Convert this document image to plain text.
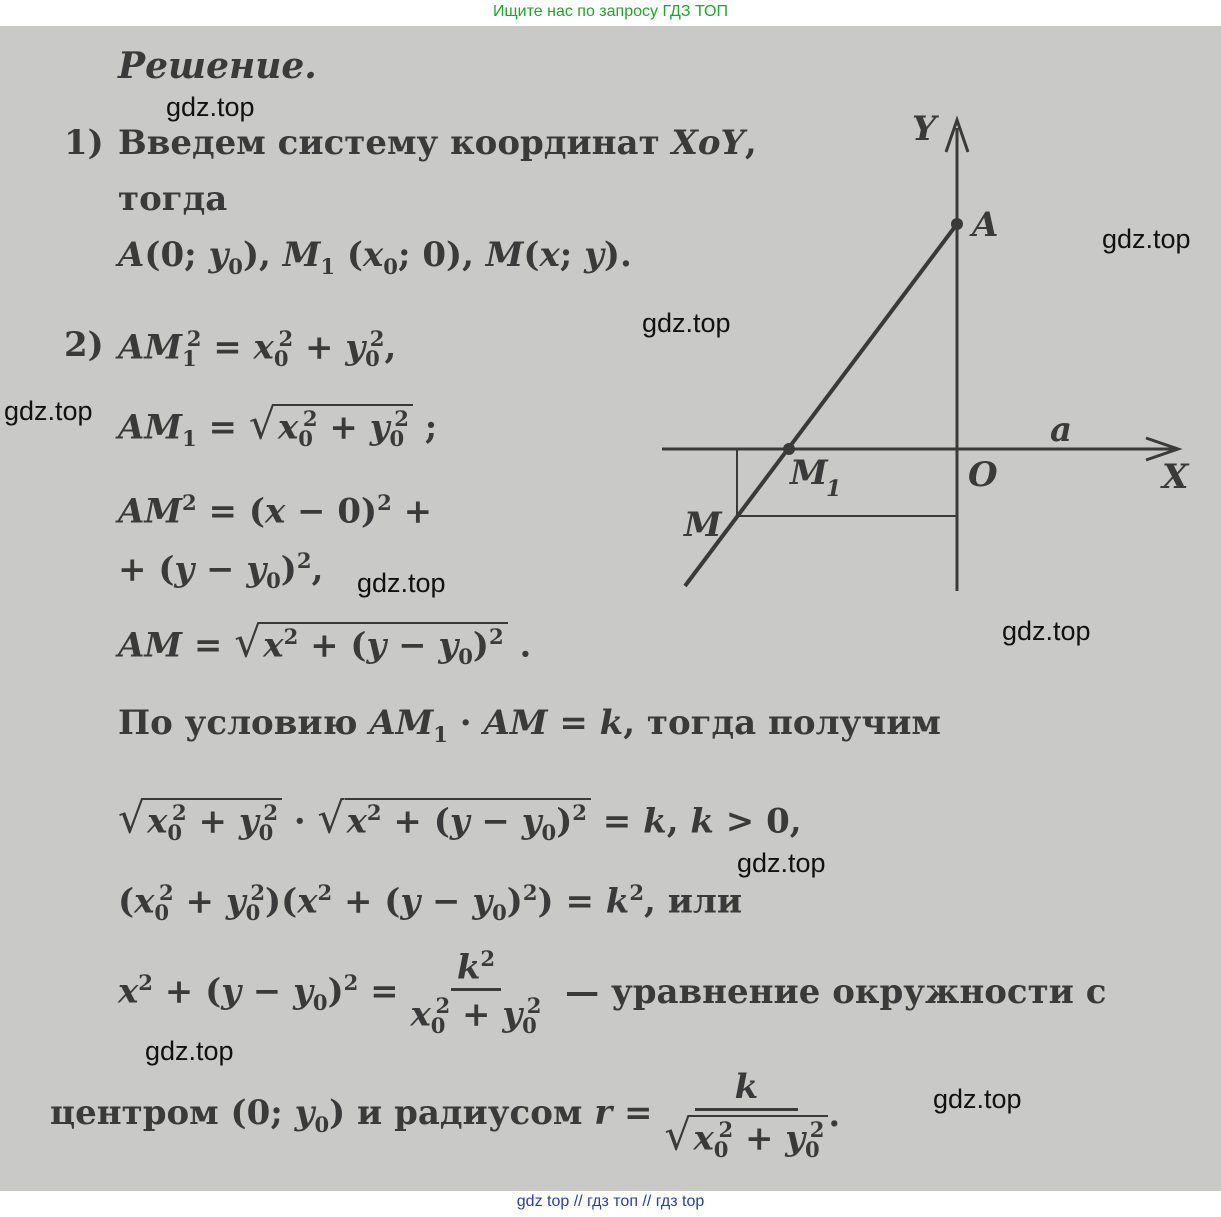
Ищите нас по запросу ГДЗ ТОП
Решение.
1) Введем систему координат XoY,
тогда
A(0; $y_0$), $M_1$ ($x_0$; 0), M(x; y).
2) $AM_1^2 = x_0^2 + y_0^2$,
$AM_1 = √x_0^2 + y_0^2$ ;
$AM^2 = (x - 0)^2$ +
+ $(y - y_0)^2$,
AM = $√x^2 + (y - y_0)^2$ .
По условию $AM_1$ · AM = k, тогда получим
$√x_0^2 + y_0^2 \cdot √x^2 + (y - y_0)^2 = k$, k > 0,
$(x_0^2 + y_0^2)(x^2 + (y - y_0)^2) = k^2$, или
$x^2 + (y - y_0)^2 = \frac{k^2}{x_0^2 + y_0^2}$
— уравнение окружности с
центром (0; $y_0$) и радиусом $r = \frac{k}{√x_0^2 + y_0^2}$ .
Y
A
a
O	X
M
1
M
gdz.top
gdz.top
gdz.top
gdz.top
gdz.top
gdz.top
gdz.top
gdz.top
gdz.top
gdz top // гдз топ // гдз top
